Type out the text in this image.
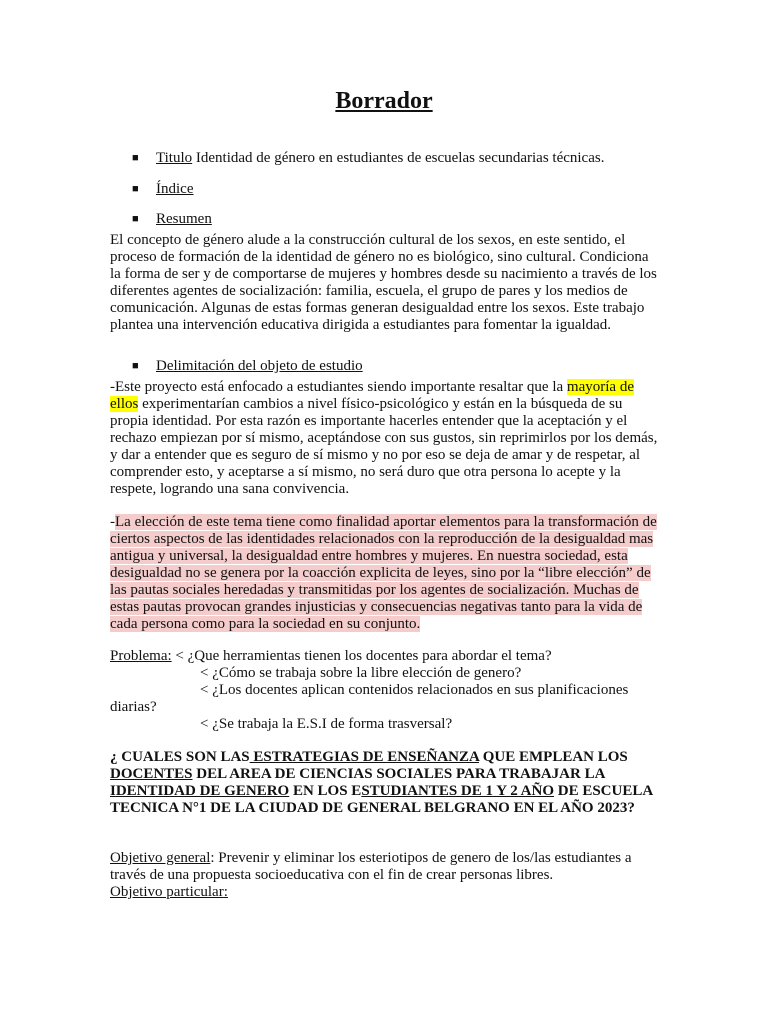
Borrador
■ Titulo Identidad de género en estudiantes de escuelas secundarias técnicas.
■ Índice
■ Resumen

El concepto de género alude a la construcción cultural de los sexos, en este sentido, el proceso de formación de la identidad de género no es biológico, sino cultural. Condiciona la forma de ser y de comportarse de mujeres y hombres desde su nacimiento a través de los diferentes agentes de socialización: familia, escuela, el grupo de pares y los medios de comunicación. Algunas de estas formas generan desigualdad entre los sexos. Este trabajo plantea una intervención educativa dirigida a estudiantes para fomentar la igualdad.

■ Delimitación del objeto de estudio

-Este proyecto está enfocado a estudiantes siendo importante resaltar que la mayoría de ellos experimentarían cambios a nivel físico-psicológico y están en la búsqueda de su propia identidad. Por esta razón es importante hacerles entender que la aceptación y el rechazo empiezan por sí mismo, aceptándose con sus gustos, sin reprimirlos por los demás, y dar a entender que es seguro de sí mismo y no por eso se deja de amar y de respetar, al comprender esto, y aceptarse a sí mismo, no será duro que otra persona lo acepte y la respete, logrando una sana convivencia.

-La elección de este tema tiene como finalidad aportar elementos para la transformación de ciertos aspectos de las identidades relacionados con la reproducción de la desigualdad mas antigua y universal, la desigualdad entre hombres y mujeres. En nuestra sociedad, esta desigualdad no se genera por la coacción explicita de leyes, sino por la “libre elección” de las pautas sociales heredadas y transmitidas por los agentes de socialización. Muchas de estas pautas provocan grandes injusticias y consecuencias negativas tanto para la vida de cada persona como para la sociedad en su conjunto.

Problema: < ¿Que herramientas tienen los docentes para abordar el tema?

< ¿Cómo se trabaja sobre la libre elección de genero?

< ¿Los docentes aplican contenidos relacionados en sus planificaciones

diarias?

< ¿Se trabaja la E.S.I de forma trasversal?

¿ CUALES SON LAS ESTRATEGIAS DE ENSEÑANZA QUE EMPLEAN LOS DOCENTES DEL AREA DE CIENCIAS SOCIALES PARA TRABAJAR LA IDENTIDAD DE GENERO EN LOS ESTUDIANTES DE 1 Y 2 AÑO DE ESCUELA TECNICA N°1 DE LA CIUDAD DE GENERAL BELGRANO EN EL AÑO 2023?

Objetivo general: Prevenir y eliminar los esteriotipos de genero de los/las estudiantes a través de una propuesta socioeducativa con el fin de crear personas libres.

Objetivo particular:
